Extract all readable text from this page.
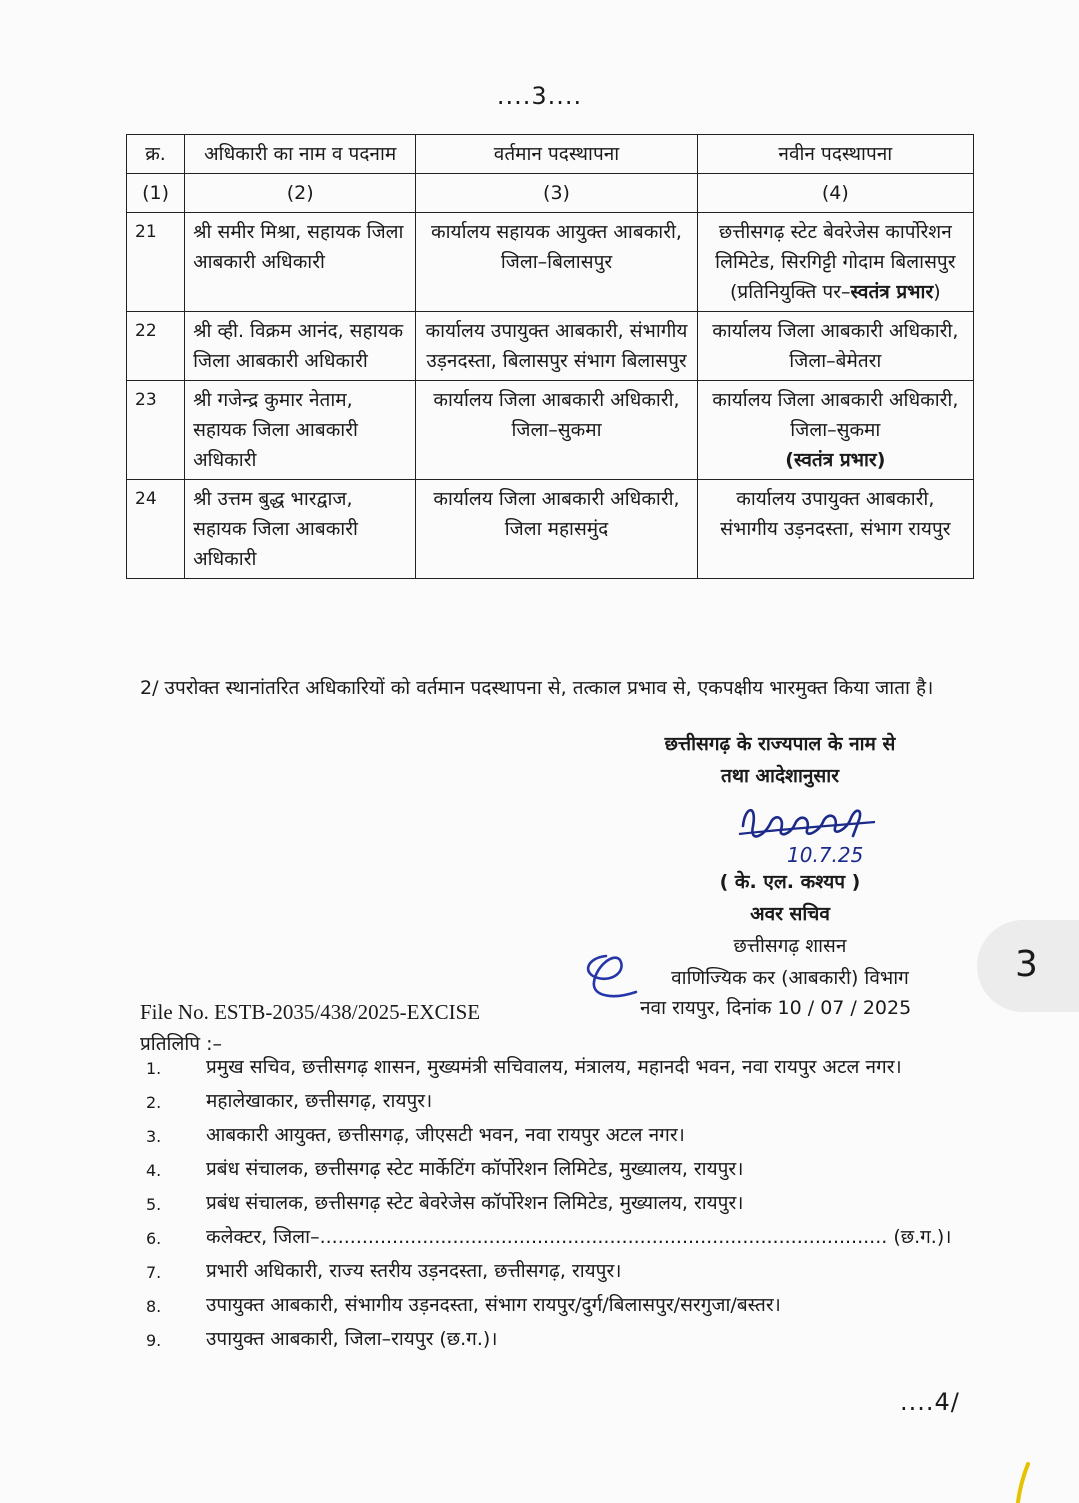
....3....
क्र.	अधिकारी का नाम व पदनाम	वर्तमान पदस्थापना	नवीन पदस्थापना
(1)	(2)	(3)	(4)
21	श्री समीर मिश्रा, सहायक जिला आबकारी अधिकारी	कार्यालय सहायक आयुक्त आबकारी, जिला–बिलासपुर	छत्तीसगढ़ स्टेट बेवरेजेस कार्पोरेशन लिमिटेड, सिरगिट्टी गोदाम बिलासपुर (प्रतिनियुक्ति पर–स्वतंत्र प्रभार)
22	श्री व्ही. विक्रम आनंद, सहायक जिला आबकारी अधिकारी	कार्यालय उपायुक्त आबकारी, संभागीय उड़नदस्ता, बिलासपुर संभाग बिलासपुर	कार्यालय जिला आबकारी अधिकारी, जिला–बेमेतरा
23	श्री गजेन्द्र कुमार नेताम, सहायक जिला आबकारी अधिकारी	कार्यालय जिला आबकारी अधिकारी, जिला–सुकमा	कार्यालय जिला आबकारी अधिकारी, जिला–सुकमा
(स्वतंत्र प्रभार)
24	श्री उत्तम बुद्ध भारद्वाज, सहायक जिला आबकारी अधिकारी	कार्यालय जिला आबकारी अधिकारी, जिला महासमुंद	कार्यालय उपायुक्त आबकारी, संभागीय उड़नदस्ता, संभाग रायपुर
2/ उपरोक्त स्थानांतरित अधिकारियों को वर्तमान पदस्थापना से, तत्काल प्रभाव से, एकपक्षीय भारमुक्त किया जाता है।
छत्तीसगढ़ के राज्यपाल के नाम से
तथा आदेशानुसार
( के. एल. कश्यप )
अवर सचिव
छत्तीसगढ़ शासन
वाणिज्यिक कर (आबकारी) विभाग
10.7.25
3
File No. ESTB-2035/438/2025-EXCISE	नवा रायपुर, दिनांक 10 / 07 / 2025
प्रतिलिपि :–
1. प्रमुख सचिव, छत्तीसगढ़ शासन, मुख्यमंत्री सचिवालय, मंत्रालय, महानदी भवन, नवा रायपुर अटल नगर।
2. महालेखाकार, छत्तीसगढ़, रायपुर।
3. आबकारी आयुक्त, छत्तीसगढ़, जीएसटी भवन, नवा रायपुर अटल नगर।
4. प्रबंध संचालक, छत्तीसगढ़ स्टेट मार्केटिंग कॉर्पोरेशन लिमिटेड, मुख्यालय, रायपुर।
5. प्रबंध संचालक, छत्तीसगढ़ स्टेट बेवरेजेस कॉर्पोरेशन लिमिटेड, मुख्यालय, रायपुर।
6. कलेक्टर, जिला–.............................................................................................. (छ.ग.)।
7. प्रभारी अधिकारी, राज्य स्तरीय उड़नदस्ता, छत्तीसगढ़, रायपुर।
8. उपायुक्त आबकारी, संभागीय उड़नदस्ता, संभाग रायपुर/दुर्ग/बिलासपुर/सरगुजा/बस्तर।
9. उपायुक्त आबकारी, जिला–रायपुर (छ.ग.)।
....4/
